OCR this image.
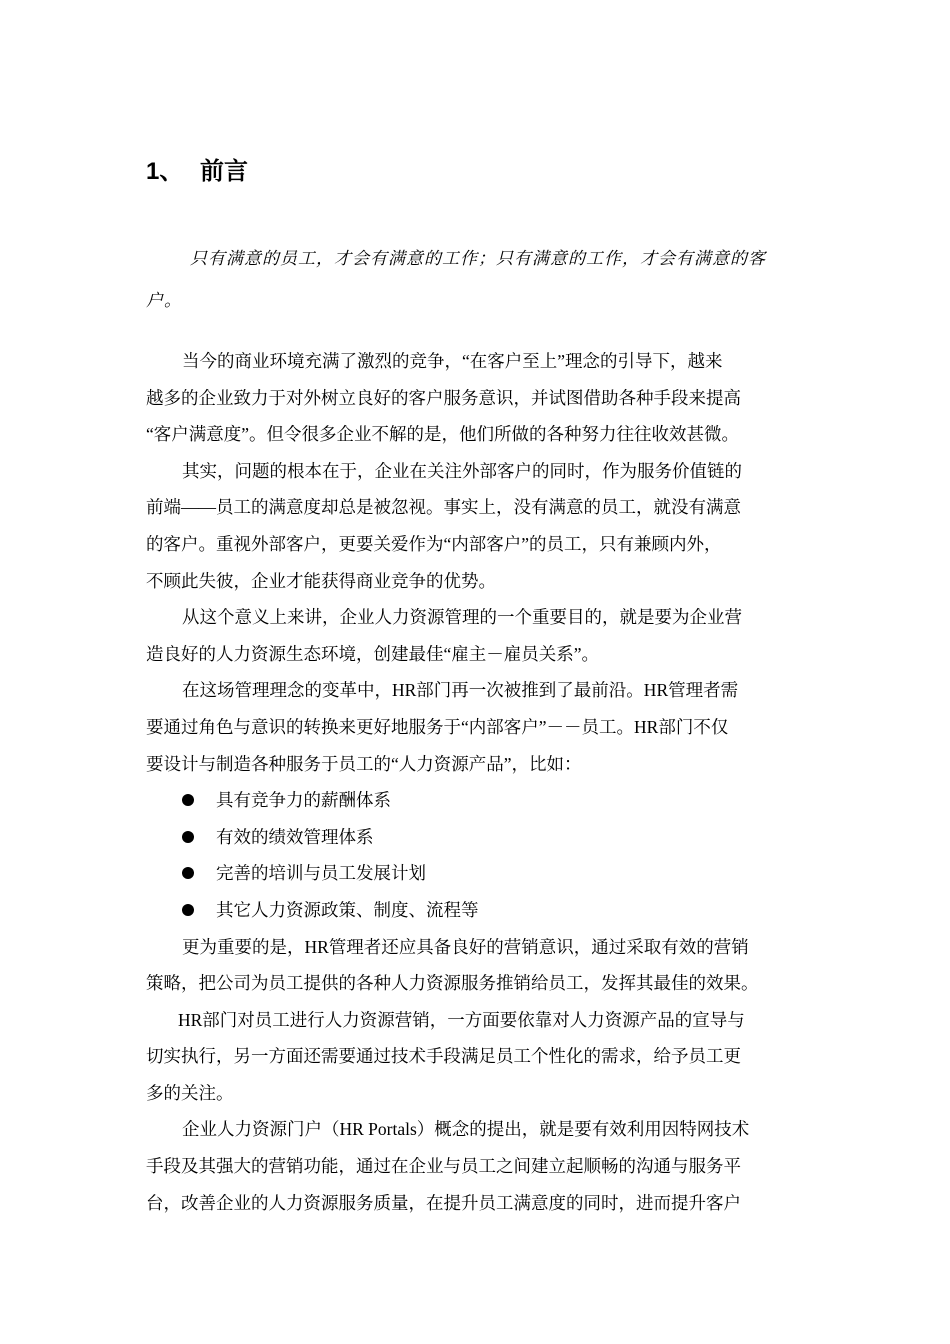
1、 前言
只有满意的员工，才会有满意的工作；只有满意的工作，才会有满意的客
户。
当今的商业环境充满了激烈的竞争，“在客户至上”理念的引导下，越来
越多的企业致力于对外树立良好的客户服务意识，并试图借助各种手段来提高
“客户满意度”。但令很多企业不解的是，他们所做的各种努力往往收效甚微。
其实，问题的根本在于，企业在关注外部客户的同时，作为服务价值链的
前端——员工的满意度却总是被忽视。事实上，没有满意的员工，就没有满意
的客户。重视外部客户，更要关爱作为“内部客户”的员工，只有兼顾内外，
不顾此失彼，企业才能获得商业竞争的优势。
从这个意义上来讲，企业人力资源管理的一个重要目的，就是要为企业营
造良好的人力资源生态环境，创建最佳“雇主－雇员关系”。
在这场管理理念的变革中，HR部门再一次被推到了最前沿。HR管理者需
要通过角色与意识的转换来更好地服务于“内部客户”－－员工。HR部门不仅
要设计与制造各种服务于员工的“人力资源产品”，比如：
具有竞争力的薪酬体系
有效的绩效管理体系
完善的培训与员工发展计划
其它人力资源政策、制度、流程等
更为重要的是，HR管理者还应具备良好的营销意识，通过采取有效的营销
策略，把公司为员工提供的各种人力资源服务推销给员工，发挥其最佳的效果。
HR部门对员工进行人力资源营销，一方面要依靠对人力资源产品的宣导与
切实执行，另一方面还需要通过技术手段满足员工个性化的需求，给予员工更
多的关注。
企业人力资源门户（HR Portals）概念的提出，就是要有效利用因特网技术
手段及其强大的营销功能，通过在企业与员工之间建立起顺畅的沟通与服务平
台，改善企业的人力资源服务质量，在提升员工满意度的同时，进而提升客户
